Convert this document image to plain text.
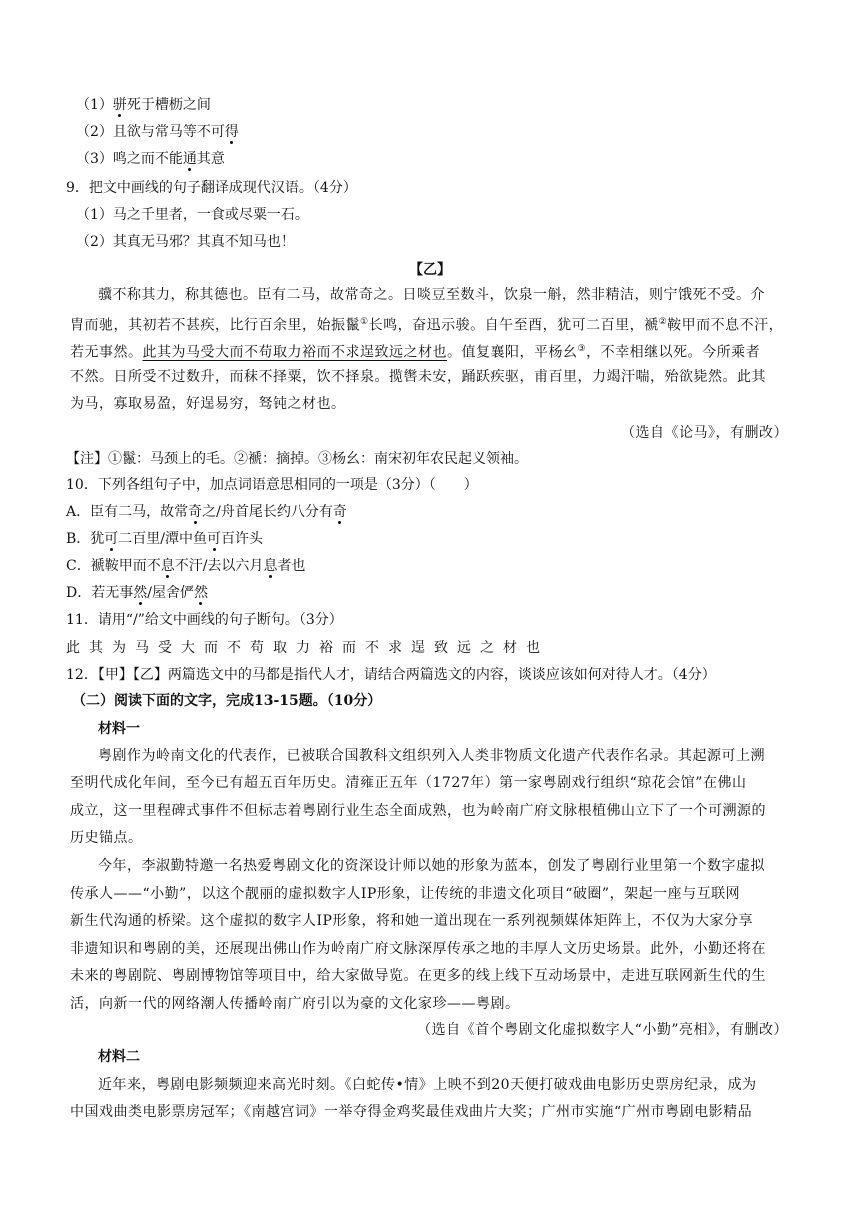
（1）骈死于槽枥之间
（2）且欲与常马等不可得
（3）鸣之而不能通其意
9．把文中画线的句子翻译成现代汉语。（4分）
（1）马之千里者，一食或尽粟一石。
（2）其真无马邪？其真不知马也！
【乙】
骥不称其力，称其德也。臣有二马，故常奇之。日啖豆至数斗，饮泉一斛，然非精洁，则宁饿死不受。介
胄而驰，其初若不甚疾，比行百余里，始振鬣①长鸣，奋迅示骏。自午至酉，犹可二百里，褫②鞍甲而不息不汗，
若无事然。此其为马受大而不苟取力裕而不求逞致远之材也。值复襄阳，平杨幺③，不幸相继以死。今所乘者
不然。日所受不过数升，而秣不择粟，饮不择泉。揽辔未安，踊跃疾驱，甫百里，力竭汗喘，殆欲毙然。此其
为马，寡取易盈，好逞易穷，驽钝之材也。
（选自《论马》，有删改）
【注】①鬣：马颈上的毛。②褫：摘掉。③杨幺：南宋初年农民起义领袖。
10．下列各组句子中，加点词语意思相同的一项是（3分）（　　）
A．臣有二马，故常奇之/舟首尾长约八分有奇
B．犹可二百里/潭中鱼可百许头
C．褫鞍甲而不息不汗/去以六月息者也
D．若无事然/屋舍俨然
11．请用“/”给文中画线的句子断句。（3分）
此其为马受大而不苟取力裕而不求逞致远之材也
12．【甲】【乙】两篇选文中的马都是指代人才，请结合两篇选文的内容，谈谈应该如何对待人才。（4分）
（二）阅读下面的文字，完成13-15题。（10分）
材料一
粤剧作为岭南文化的代表作，已被联合国教科文组织列入人类非物质文化遗产代表作名录。其起源可上溯
至明代成化年间，至今已有超五百年历史。清雍正五年（1727年）第一家粤剧戏行组织“琼花会馆”在佛山
成立，这一里程碑式事件不但标志着粤剧行业生态全面成熟，也为岭南广府文脉根植佛山立下了一个可溯源的
历史锚点。
今年，李淑勤特邀一名热爱粤剧文化的资深设计师以她的形象为蓝本，创发了粤剧行业里第一个数字虚拟
传承人——“小勤”，以这个靓丽的虚拟数字人IP形象，让传统的非遗文化项目“破圈”，架起一座与互联网
新生代沟通的桥梁。这个虚拟的数字人IP形象，将和她一道出现在一系列视频媒体矩阵上，不仅为大家分享
非遗知识和粤剧的美，还展现出佛山作为岭南广府文脉深厚传承之地的丰厚人文历史场景。此外，小勤还将在
未来的粤剧院、粤剧博物馆等项目中，给大家做导览。在更多的线上线下互动场景中，走进互联网新生代的生
活，向新一代的网络潮人传播岭南广府引以为豪的文化家珍——粤剧。
（选自《首个粤剧文化虚拟数字人“小勤”亮相》，有删改）
材料二
近年来，粤剧电影频频迎来高光时刻。《白蛇传•情》上映不到20天便打破戏曲电影历史票房纪录，成为
中国戏曲类电影票房冠军；《南越宫词》一举夺得金鸡奖最佳戏曲片大奖；广州市实施“广州市粤剧电影精品
